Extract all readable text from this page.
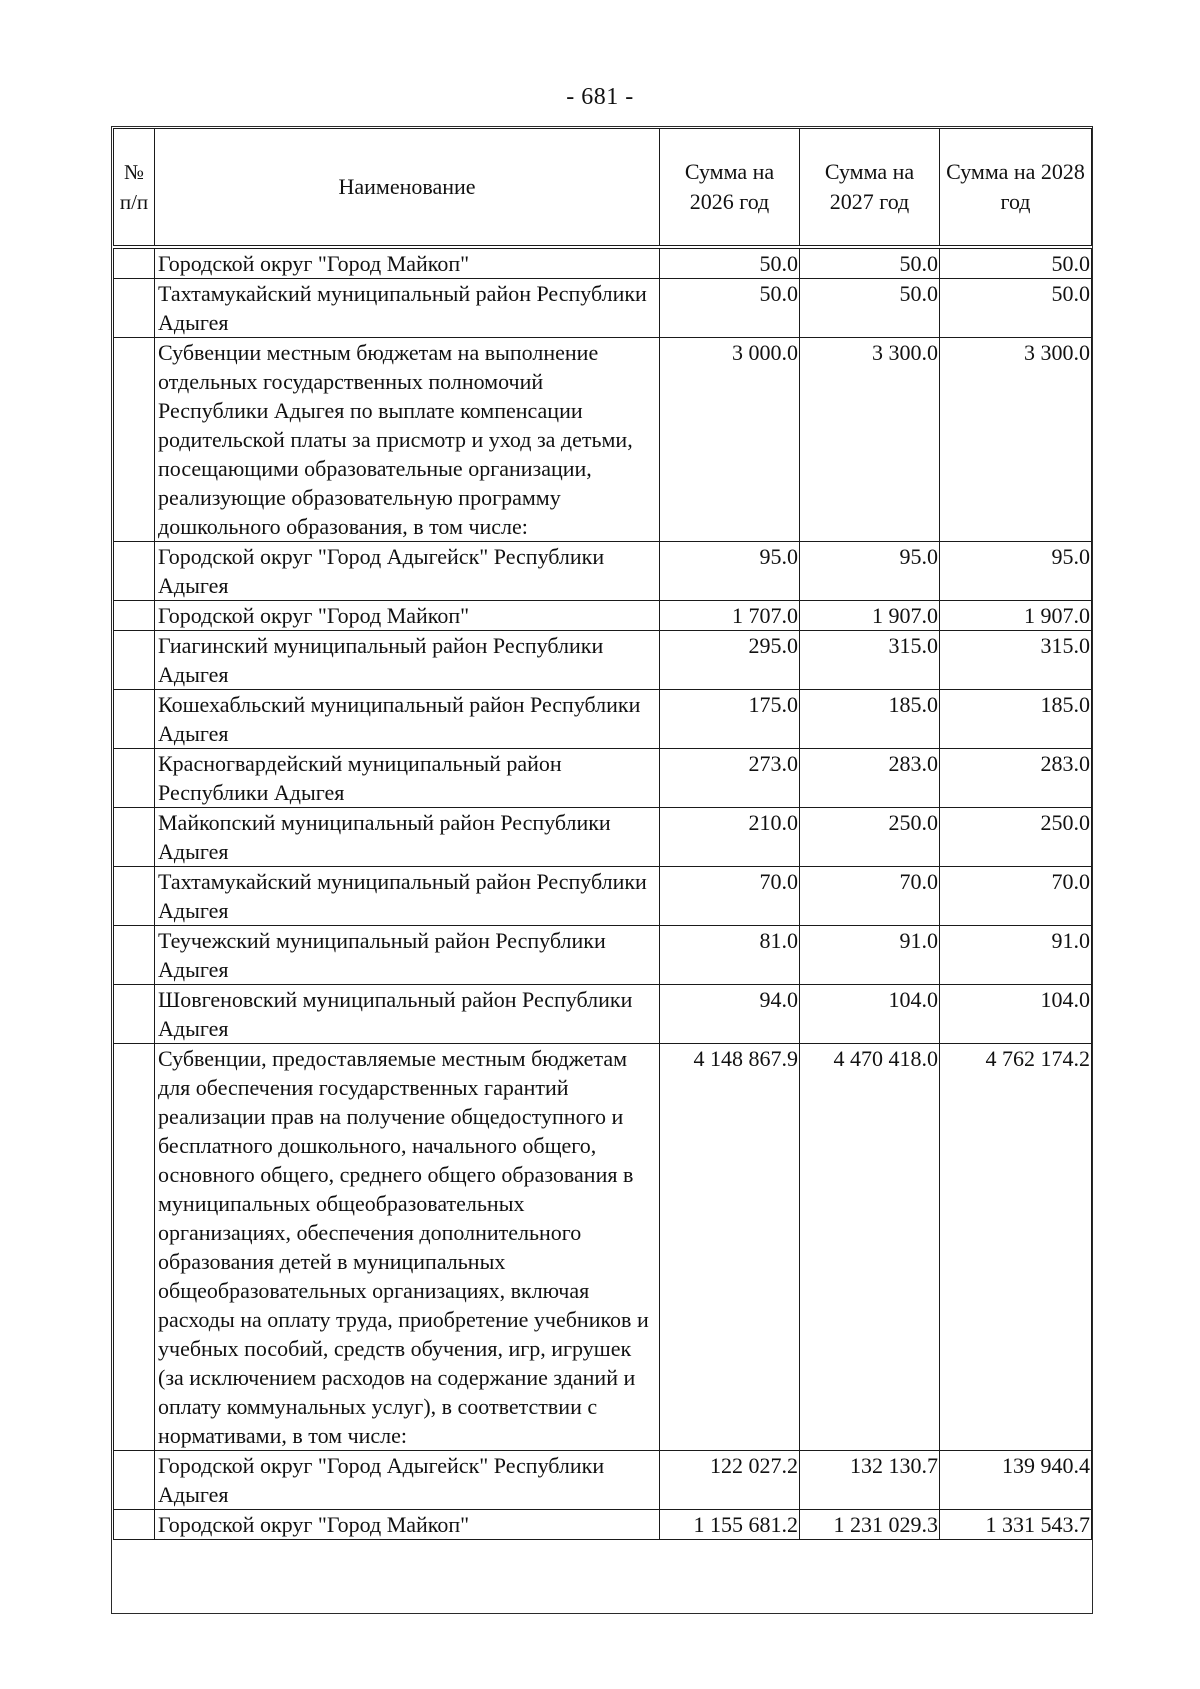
- 681 -
№ п/п	Наименование	Сумма на 2026 год	Сумма на 2027 год	Сумма на 2028 год
	Городской округ "Город Майкоп"	50.0	50.0	50.0
	Тахтамукайский муниципальный район Республики Адыгея	50.0	50.0	50.0
	Субвенции местным бюджетам на выполнение отдельных государственных полномочий Республики Адыгея по выплате компенсации родительской платы за присмотр и уход за детьми, посещающими образовательные организации, реализующие образовательную программу дошкольного образования, в том числе:	3 000.0	3 300.0	3 300.0
	Городской округ "Город Адыгейск" Республики Адыгея	95.0	95.0	95.0
	Городской округ "Город Майкоп"	1 707.0	1 907.0	1 907.0
	Гиагинский муниципальный район Республики Адыгея	295.0	315.0	315.0
	Кошехабльский муниципальный район Республики Адыгея	175.0	185.0	185.0
	Красногвардейский муниципальный район Республики Адыгея	273.0	283.0	283.0
	Майкопский муниципальный район Республики Адыгея	210.0	250.0	250.0
	Тахтамукайский муниципальный район Республики Адыгея	70.0	70.0	70.0
	Теучежский муниципальный район Республики Адыгея	81.0	91.0	91.0
	Шовгеновский муниципальный район Республики Адыгея	94.0	104.0	104.0
	Субвенции, предоставляемые местным бюджетам для обеспечения государственных гарантий реализации прав на получение общедоступного и бесплатного дошкольного, начального общего, основного общего, среднего общего образования в муниципальных общеобразовательных организациях, обеспечения дополнительного образования детей в муниципальных общеобразовательных организациях, включая расходы на оплату труда, приобретение учебников и учебных пособий, средств обучения, игр, игрушек (за исключением расходов на содержание зданий и оплату коммунальных услуг), в соответствии с нормативами, в том числе:	4 148 867.9	4 470 418.0	4 762 174.2
	Городской округ "Город Адыгейск" Республики Адыгея	122 027.2	132 130.7	139 940.4
	Городской округ "Город Майкоп"	1 155 681.2	1 231 029.3	1 331 543.7
